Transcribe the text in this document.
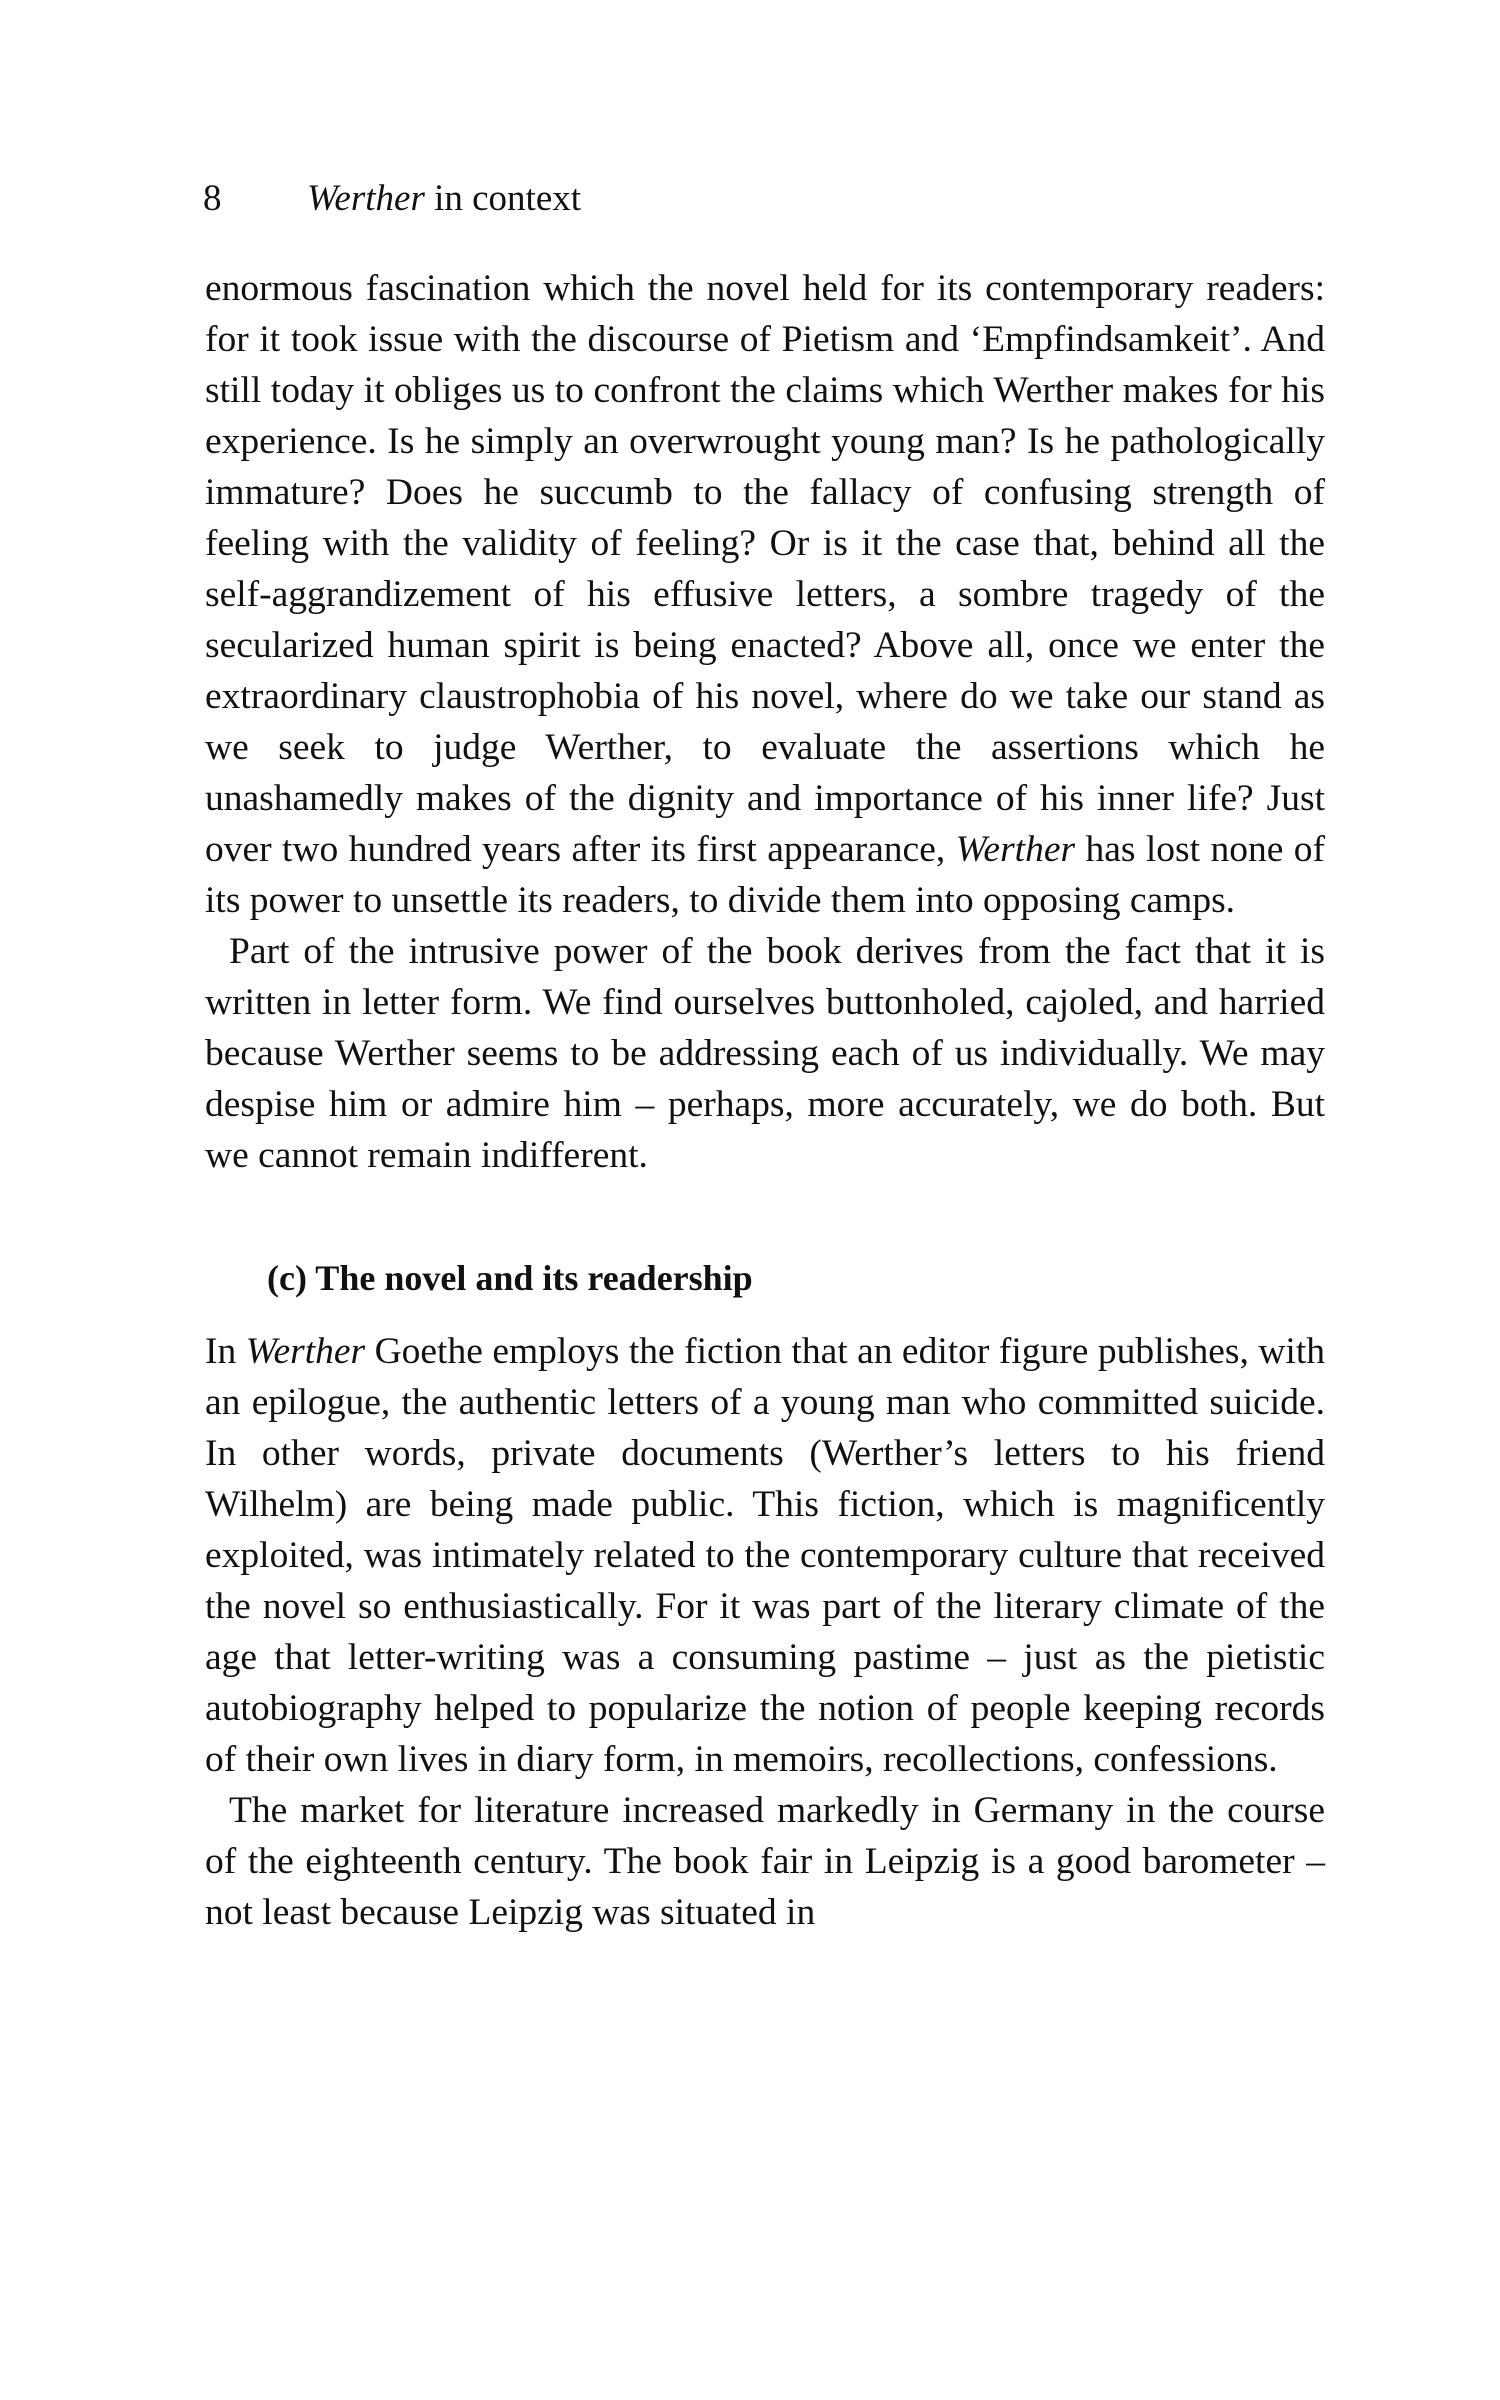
8 Werther in context

enormous fascination which the novel held for its contemporary readers: for it took issue with the discourse of Pietism and ‘Empfindsamkeit’. And still today it obliges us to confront the claims which Werther makes for his experience. Is he simply an overwrought young man? Is he pathologically immature? Does he succumb to the fallacy of confusing strength of feeling with the validity of feeling? Or is it the case that, behind all the self-aggrandizement of his effusive letters, a sombre tragedy of the secularized human spirit is being enacted? Above all, once we enter the extraordinary claustrophobia of his novel, where do we take our stand as we seek to judge Werther, to evaluate the assertions which he unashamedly makes of the dignity and importance of his inner life? Just over two hundred years after its first appearance, Werther has lost none of its power to unsettle its readers, to divide them into opposing camps.

Part of the intrusive power of the book derives from the fact that it is written in letter form. We find ourselves buttonholed, cajoled, and harried because Werther seems to be addressing each of us individually. We may despise him or admire him – perhaps, more accurately, we do both. But we cannot remain indifferent.

(c) The novel and its readership

In Werther Goethe employs the fiction that an editor figure publishes, with an epilogue, the authentic letters of a young man who committed suicide. In other words, private documents (Werther’s letters to his friend Wilhelm) are being made public. This fiction, which is magnificently exploited, was intimately related to the contemporary culture that received the novel so enthusiastically. For it was part of the literary climate of the age that letter-writing was a consuming pastime – just as the pietistic autobiography helped to popularize the notion of people keeping records of their own lives in diary form, in memoirs, recollections, confessions.

The market for literature increased markedly in Germany in the course of the eighteenth century. The book fair in Leipzig is a good barometer – not least because Leipzig was situated in
